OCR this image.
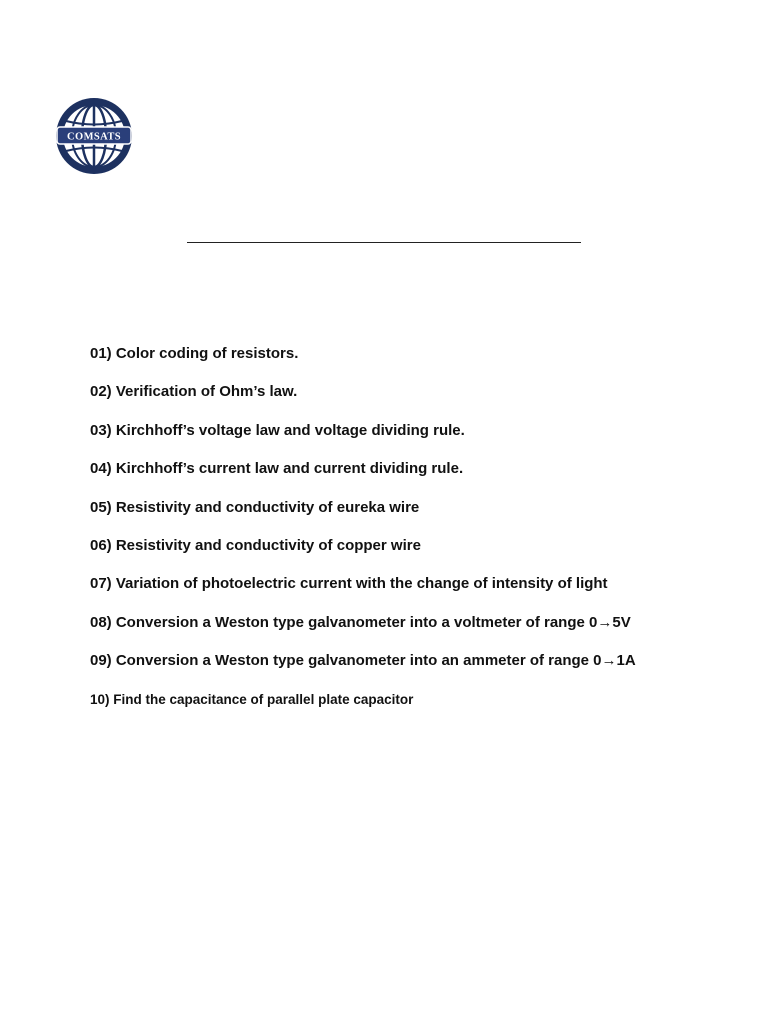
COMSATS
01) Color coding of resistors.
02) Verification of Ohm’s law.
03) Kirchhoff’s voltage law and voltage dividing rule.
04) Kirchhoff’s current law and current dividing rule.
05) Resistivity and conductivity of eureka wire
06) Resistivity and conductivity of copper wire
07) Variation of photoelectric current with the change of intensity of light
08) Conversion a Weston type galvanometer into a voltmeter of range 0→5V
09) Conversion a Weston type galvanometer into an ammeter of range 0→1A
10) Find the capacitance of parallel plate capacitor
